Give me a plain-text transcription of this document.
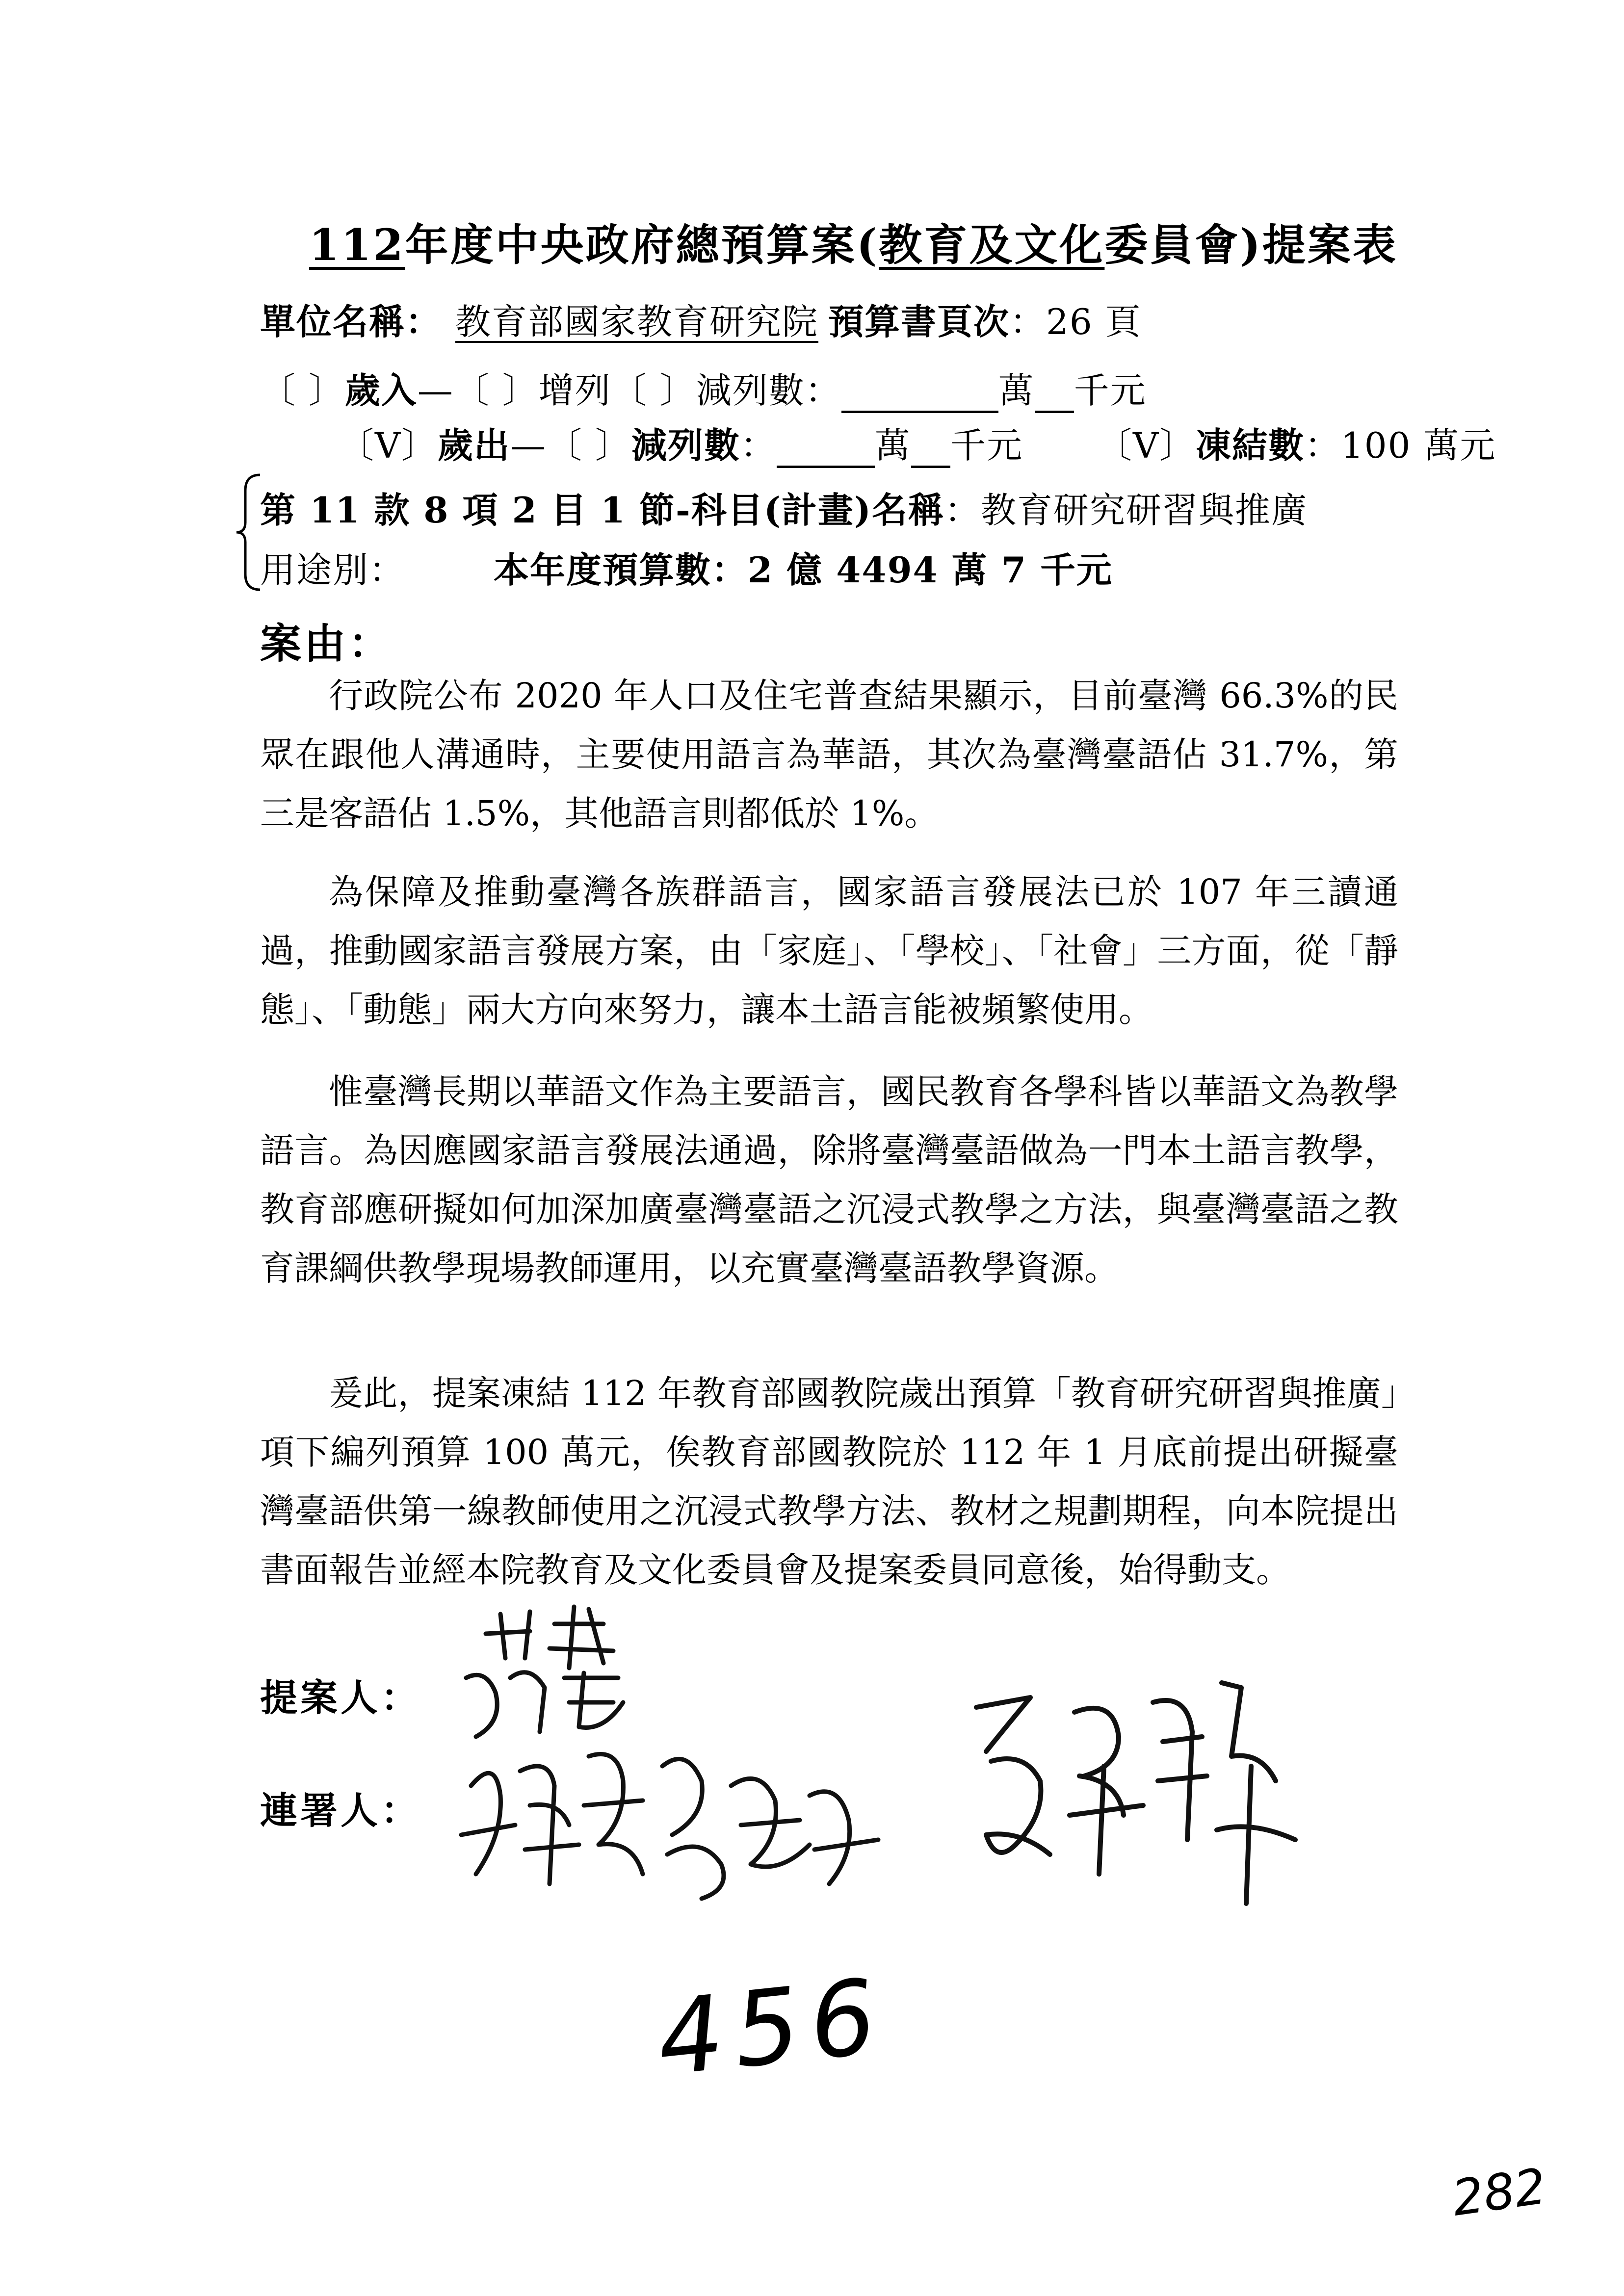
112年度中央政府總預算案(教育及文化委員會)提案表
單位名稱： 教育部國家教育研究院 預算書頁次：26 頁
〔 〕歲入—〔 〕增列〔 〕減列數：	萬 千元
〔V〕歲出—〔 〕減列數：	萬 千元 〔V〕凍結數：100 萬元
第 11 款 8 項 2 目 1 節-科目(計畫)名稱：教育研究研習與推廣
用途別：	本年度預算數：2 億 4494 萬 7 千元
案由：

行政院公布 2020 年人口及住宅普查結果顯示，目前臺灣 66.3%的民眾在跟他人溝通時，主要使用語言為華語，其次為臺灣臺語佔 31.7%，第三是客語佔 1.5%，其他語言則都低於 1%。

為保障及推動臺灣各族群語言，國家語言發展法已於 107 年三讀通過，推動國家語言發展方案，由「家庭」、「學校」、「社會」三方面，從「靜態」、「動態」兩大方向來努力，讓本土語言能被頻繁使用。

惟臺灣長期以華語文作為主要語言，國民教育各學科皆以華語文為教學語言。為因應國家語言發展法通過，除將臺灣臺語做為一門本土語言教學，教育部應研擬如何加深加廣臺灣臺語之沉浸式教學之方法，與臺灣臺語之教育課綱供教學現場教師運用，以充實臺灣臺語教學資源。

爰此，提案凍結 112 年教育部國教院歲出預算「教育研究研習與推廣」項下編列預算 100 萬元，俟教育部國教院於 112 年 1 月底前提出研擬臺灣臺語供第一線教師使用之沉浸式教學方法、教材之規劃期程，向本院提出書面報告並經本院教育及文化委員會及提案委員同意後，始得動支。

提案人：
連署人：
456
282
